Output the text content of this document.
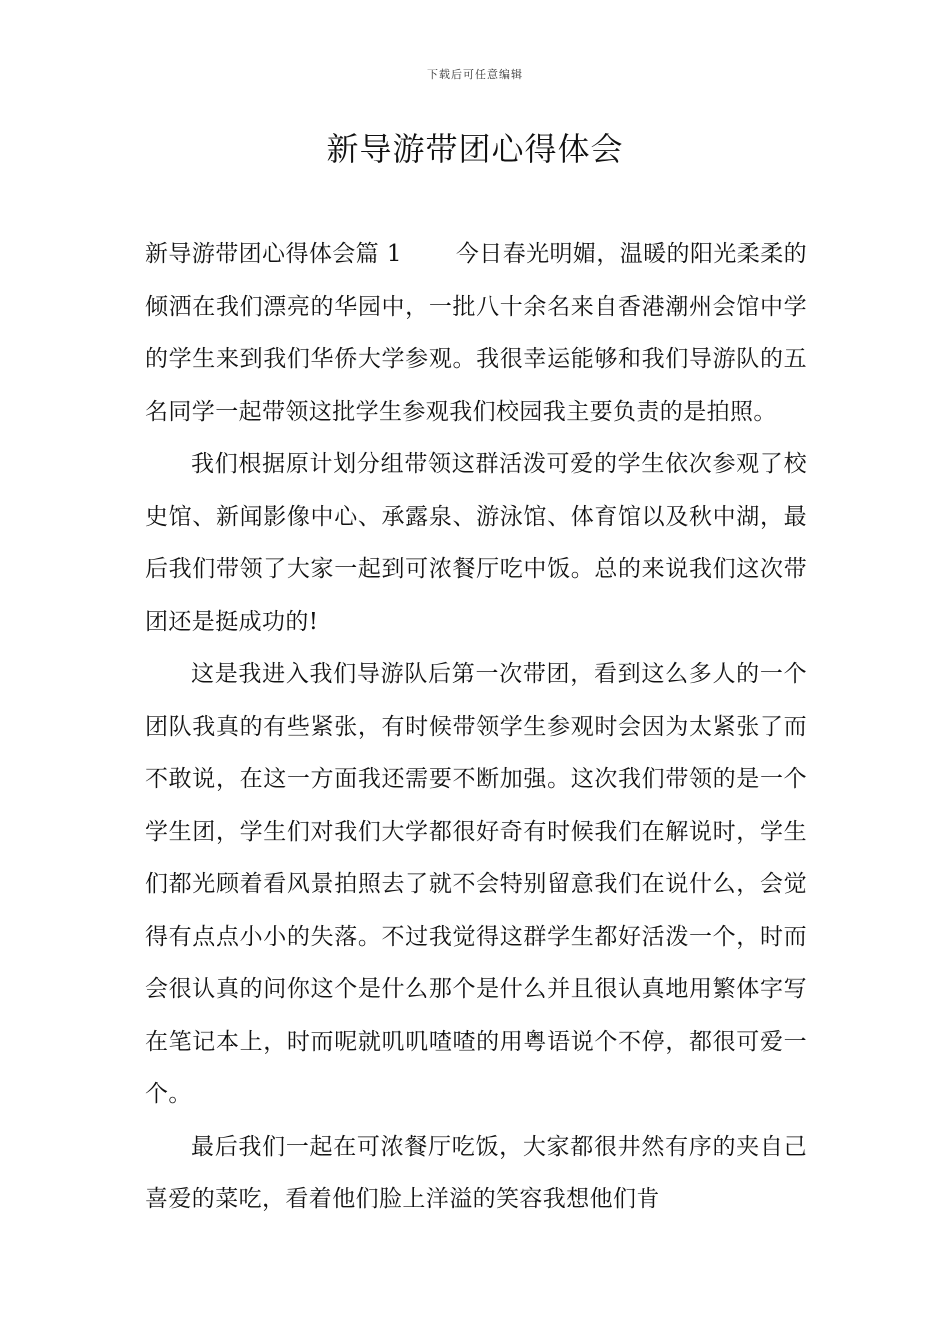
下载后可任意编辑
新导游带团心得体会

新导游带团心得体会篇 1 今日春光明媚，温暖的阳光柔柔的倾洒在我们漂亮的华园中，一批八十余名来自香港潮州会馆中学的学生来到我们华侨大学参观。我很幸运能够和我们导游队的五名同学一起带领这批学生参观我们校园我主要负责的是拍照。

我们根据原计划分组带领这群活泼可爱的学生依次参观了校史馆、新闻影像中心、承露泉、游泳馆、体育馆以及秋中湖，最后我们带领了大家一起到可浓餐厅吃中饭。总的来说我们这次带团还是挺成功的!

这是我进入我们导游队后第一次带团，看到这么多人的一个团队我真的有些紧张，有时候带领学生参观时会因为太紧张了而不敢说，在这一方面我还需要不断加强。这次我们带领的是一个学生团，学生们对我们大学都很好奇有时候我们在解说时，学生们都光顾着看风景拍照去了就不会特别留意我们在说什么，会觉得有点点小小的失落。不过我觉得这群学生都好活泼一个，时而会很认真的问你这个是什么那个是什么并且很认真地用繁体字写在笔记本上，时而呢就叽叽喳喳的用粤语说个不停，都很可爱一个。

最后我们一起在可浓餐厅吃饭，大家都很井然有序的夹自己喜爱的菜吃，看着他们脸上洋溢的笑容我想他们肯
